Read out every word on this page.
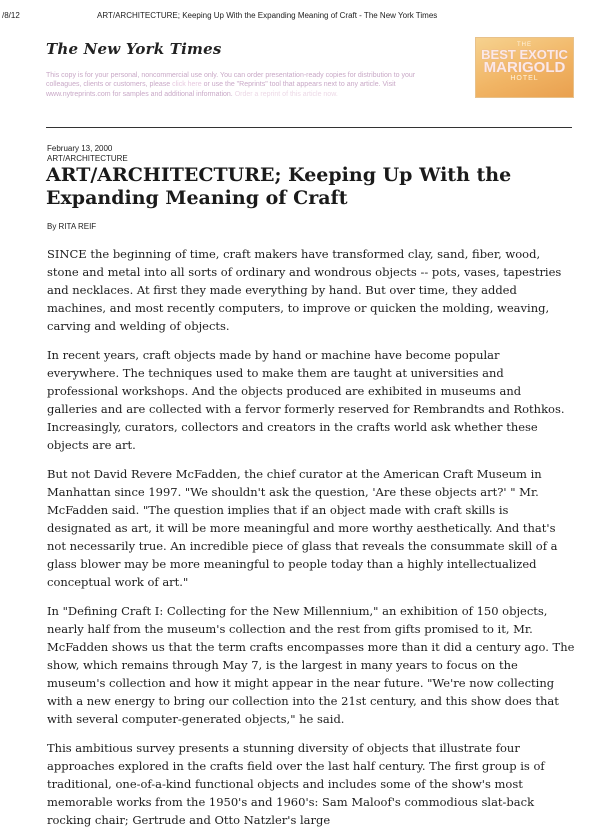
/8/12	ART/ARCHITECTURE; Keeping Up With the Expanding Meaning of Craft - The New York Times
The New York Times
This copy is for your personal, noncommercial use only. You can order presentation-ready copies for distribution to your colleagues, clients or customers, please click here or use the "Reprints" tool that appears next to any article. Visit www.nytreprints.com for samples and additional information. Order a reprint of this article now.
THE
BEST EXOTIC
MARIGOLD
HOTEL
February 13, 2000
ART/ARCHITECTURE
ART/ARCHITECTURE; Keeping Up With the Expanding Meaning of Craft
By RITA REIF

SINCE the beginning of time, craft makers have transformed clay, sand, fiber, wood, stone and metal into all sorts of ordinary and wondrous objects -- pots, vases, tapestries and necklaces. At first they made everything by hand. But over time, they added machines, and most recently computers, to improve or quicken the molding, weaving, carving and welding of objects.

In recent years, craft objects made by hand or machine have become popular everywhere. The techniques used to make them are taught at universities and professional workshops. And the objects produced are exhibited in museums and galleries and are collected with a fervor formerly reserved for Rembrandts and Rothkos. Increasingly, curators, collectors and creators in the crafts world ask whether these objects are art.

But not David Revere McFadden, the chief curator at the American Craft Museum in Manhattan since 1997. "We shouldn't ask the question, 'Are these objects art?' " Mr. McFadden said. "The question implies that if an object made with craft skills is designated as art, it will be more meaningful and more worthy aesthetically. And that's not necessarily true. An incredible piece of glass that reveals the consummate skill of a glass blower may be more meaningful to people today than a highly intellectualized conceptual work of art."

In "Defining Craft I: Collecting for the New Millennium," an exhibition of 150 objects, nearly half from the museum's collection and the rest from gifts promised to it, Mr. McFadden shows us that the term crafts encompasses more than it did a century ago. The show, which remains through May 7, is the largest in many years to focus on the museum's collection and how it might appear in the near future. "We're now collecting with a new energy to bring our collection into the 21st century, and this show does that with several computer-generated objects," he said.

This ambitious survey presents a stunning diversity of objects that illustrate four approaches explored in the crafts field over the last half century. The first group is of traditional, one-of-a-kind functional objects and includes some of the show's most memorable works from the 1950's and 1960's: Sam Maloof's commodious slat-back rocking chair; Gertrude and Otto Natzler's large
